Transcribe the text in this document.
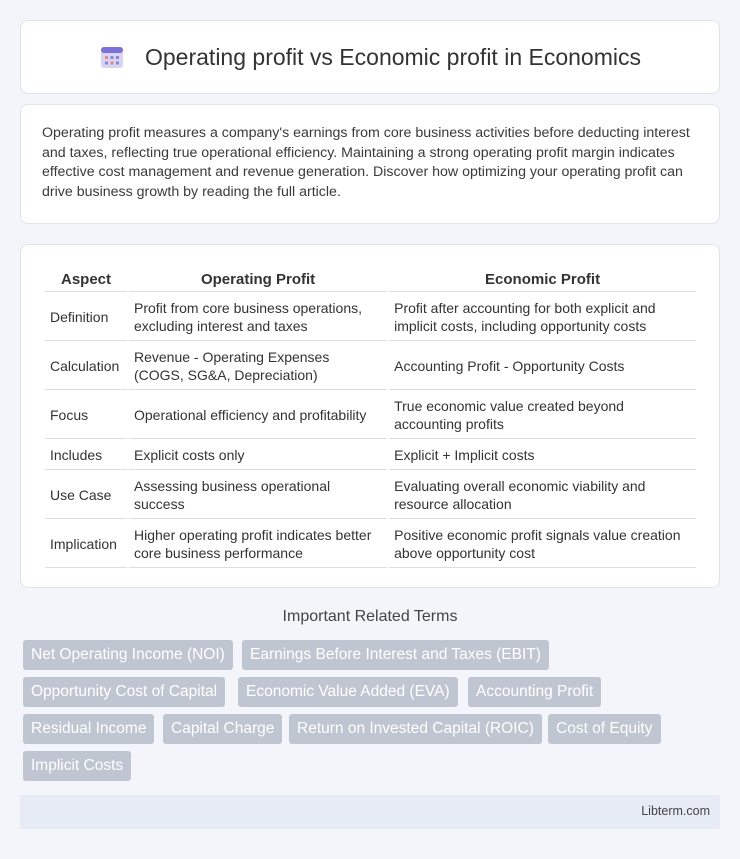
Operating profit vs Economic profit in Economics

Operating profit measures a company's earnings from core business activities before deducting interest and taxes, reflecting true operational efficiency. Maintaining a strong operating profit margin indicates effective cost management and revenue generation. Discover how optimizing your operating profit can drive business growth by reading the full article.

Aspect	Operating Profit	Economic Profit
Definition	Profit from core business operations, excluding interest and taxes	Profit after accounting for both explicit and implicit costs, including opportunity costs
Calculation	Revenue - Operating Expenses (COGS, SG&A, Depreciation)	Accounting Profit - Opportunity Costs
Focus	Operational efficiency and profitability	True economic value created beyond accounting profits
Includes	Explicit costs only	Explicit + Implicit costs
Use Case	Assessing business operational success	Evaluating overall economic viability and resource allocation
Implication	Higher operating profit indicates better core business performance	Positive economic profit signals value creation above opportunity cost
Important Related Terms
Net Operating Income (NOI)	Earnings Before Interest and Taxes (EBIT)
Opportunity Cost of Capital	Economic Value Added (EVA)	Accounting Profit
Residual Income	Capital Charge	Return on Invested Capital (ROIC)	Cost of Equity
Implicit Costs
Libterm.com
